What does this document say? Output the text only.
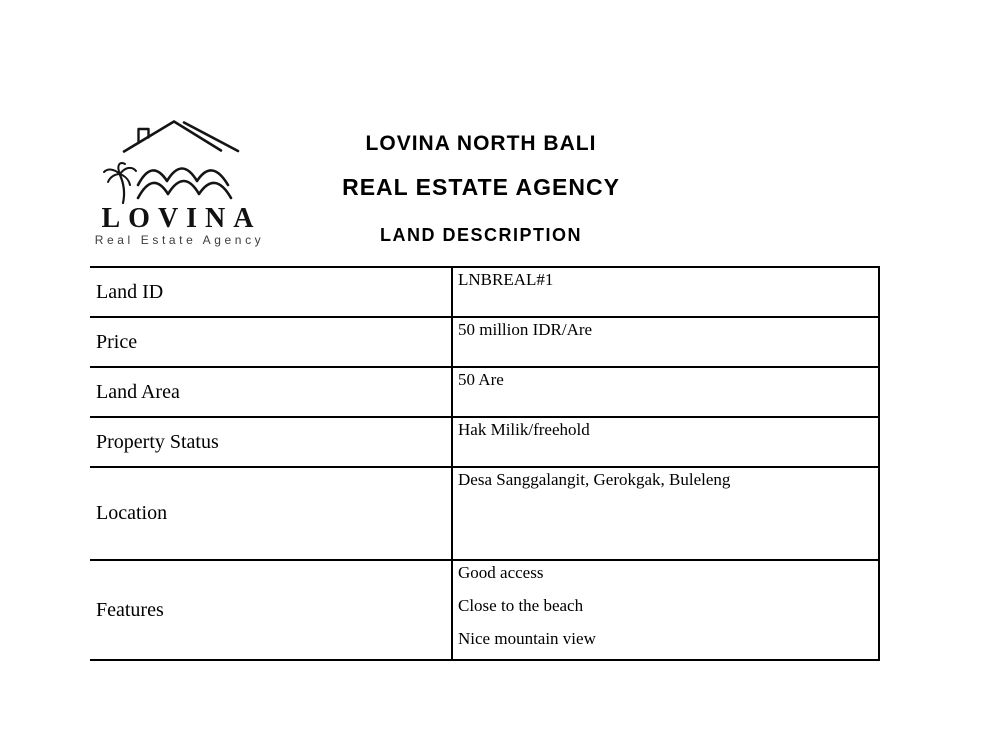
LOVINA
Real Estate Agency
LOVINA NORTH BALI
REAL ESTATE AGENCY
LAND DESCRIPTION
Land ID	LNBREAL#1

Price	50 million IDR/Are

Land Area	50 Are

Property Status	Hak Milik/freehold

Location	Desa Sanggalangit, Gerokgak, Buleleng

Features	Good access

Close to the beach

Nice mountain view
